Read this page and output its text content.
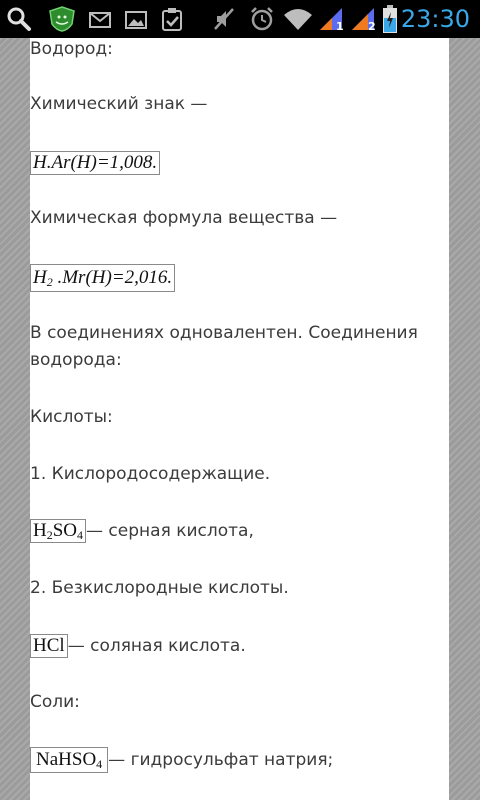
1 2 23:30
Водород:
Химический знак —
H.Ar(H)=1,008.
Химическая формула вещества —
$H_2$ .Mr(H)=2,016.
В соединениях одновалентен. Соединения
водорода:
Кислоты:
1. Кислородосодержащие.
$H_2SO_4$ — серная кислота,
2. Безкислородные кислоты.
HCl — соляная кислота.
Соли:
NaHSO$_4$ — гидросульфат натрия;
